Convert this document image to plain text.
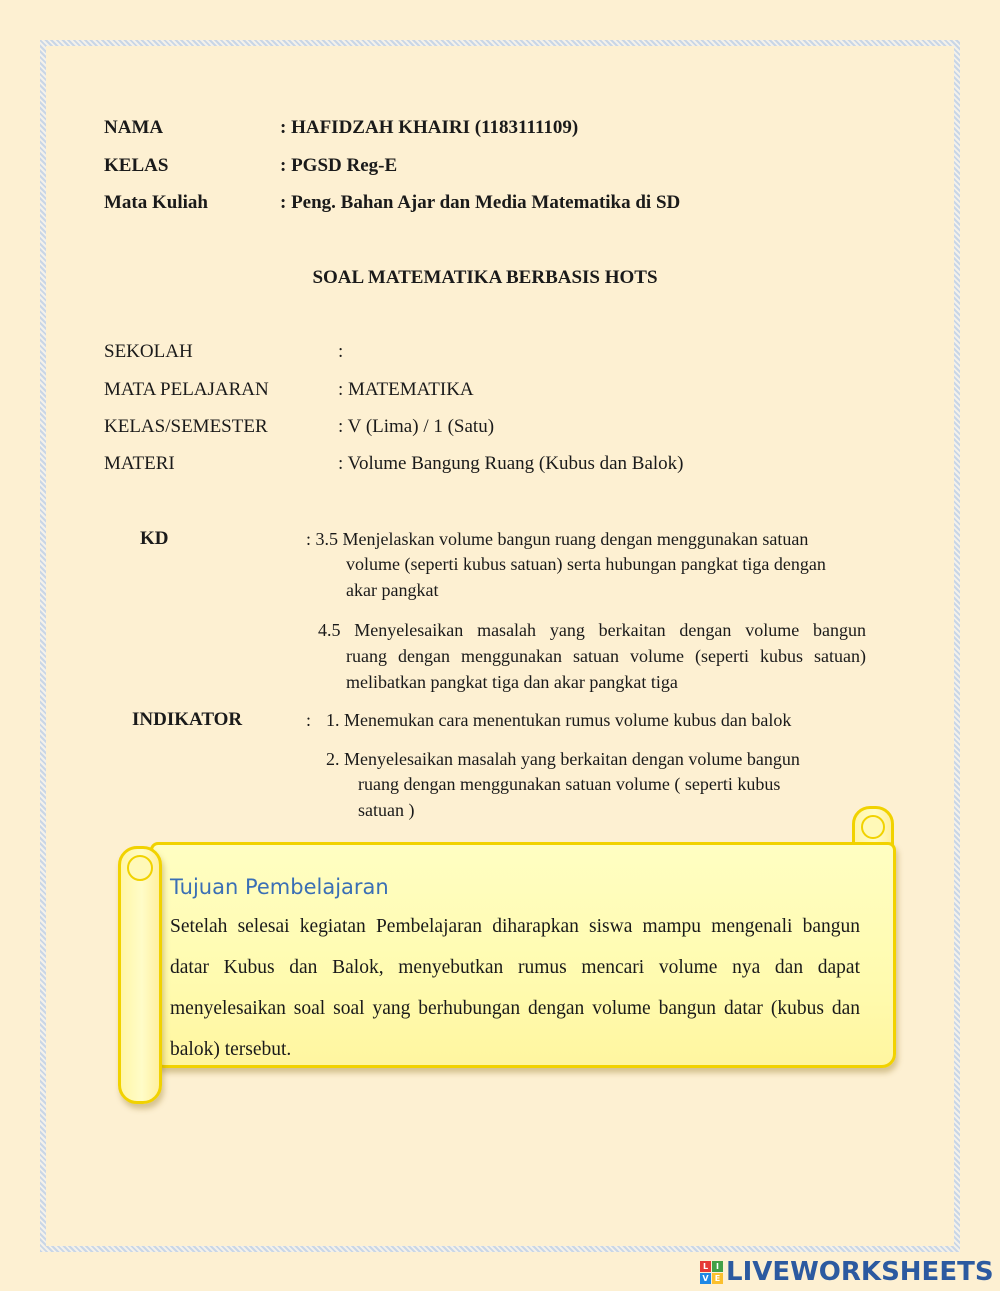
NAMA	: HAFIDZAH KHAIRI (1183111109)
KELAS	: PGSD Reg-E
Mata Kuliah	: Peng. Bahan Ajar dan Media Matematika di SD
SOAL MATEMATIKA BERBASIS HOTS
SEKOLAH	:
MATA PELAJARAN	: MATEMATIKA
KELAS/SEMESTER	: V (Lima) / 1 (Satu)
MATERI	: Volume Bangung Ruang (Kubus dan Balok)
KD	: 3.5 Menjelaskan volume bangun ruang dengan menggunakan satuan
volume (seperti kubus satuan) serta hubungan pangkat tiga dengan
akar pangkat
4.5 Menyelesaikan masalah yang berkaitan dengan volume bangun
ruang dengan menggunakan satuan volume (seperti kubus satuan)
melibatkan pangkat tiga dan akar pangkat tiga
INDIKATOR	: 1. Menemukan cara menentukan rumus volume kubus dan balok
2. Menyelesaikan masalah yang berkaitan dengan volume bangun
ruang dengan menggunakan satuan volume ( seperti kubus
satuan )
Tujuan Pembelajaran
Setelah selesai kegiatan Pembelajaran diharapkan siswa mampu mengenali bangun datar Kubus dan Balok, menyebutkan rumus mencari volume nya dan dapat menyelesaikan soal soal yang berhubungan dengan volume bangun datar (kubus dan balok) tersebut.
L I
V E LIVEWORKSHEETS
